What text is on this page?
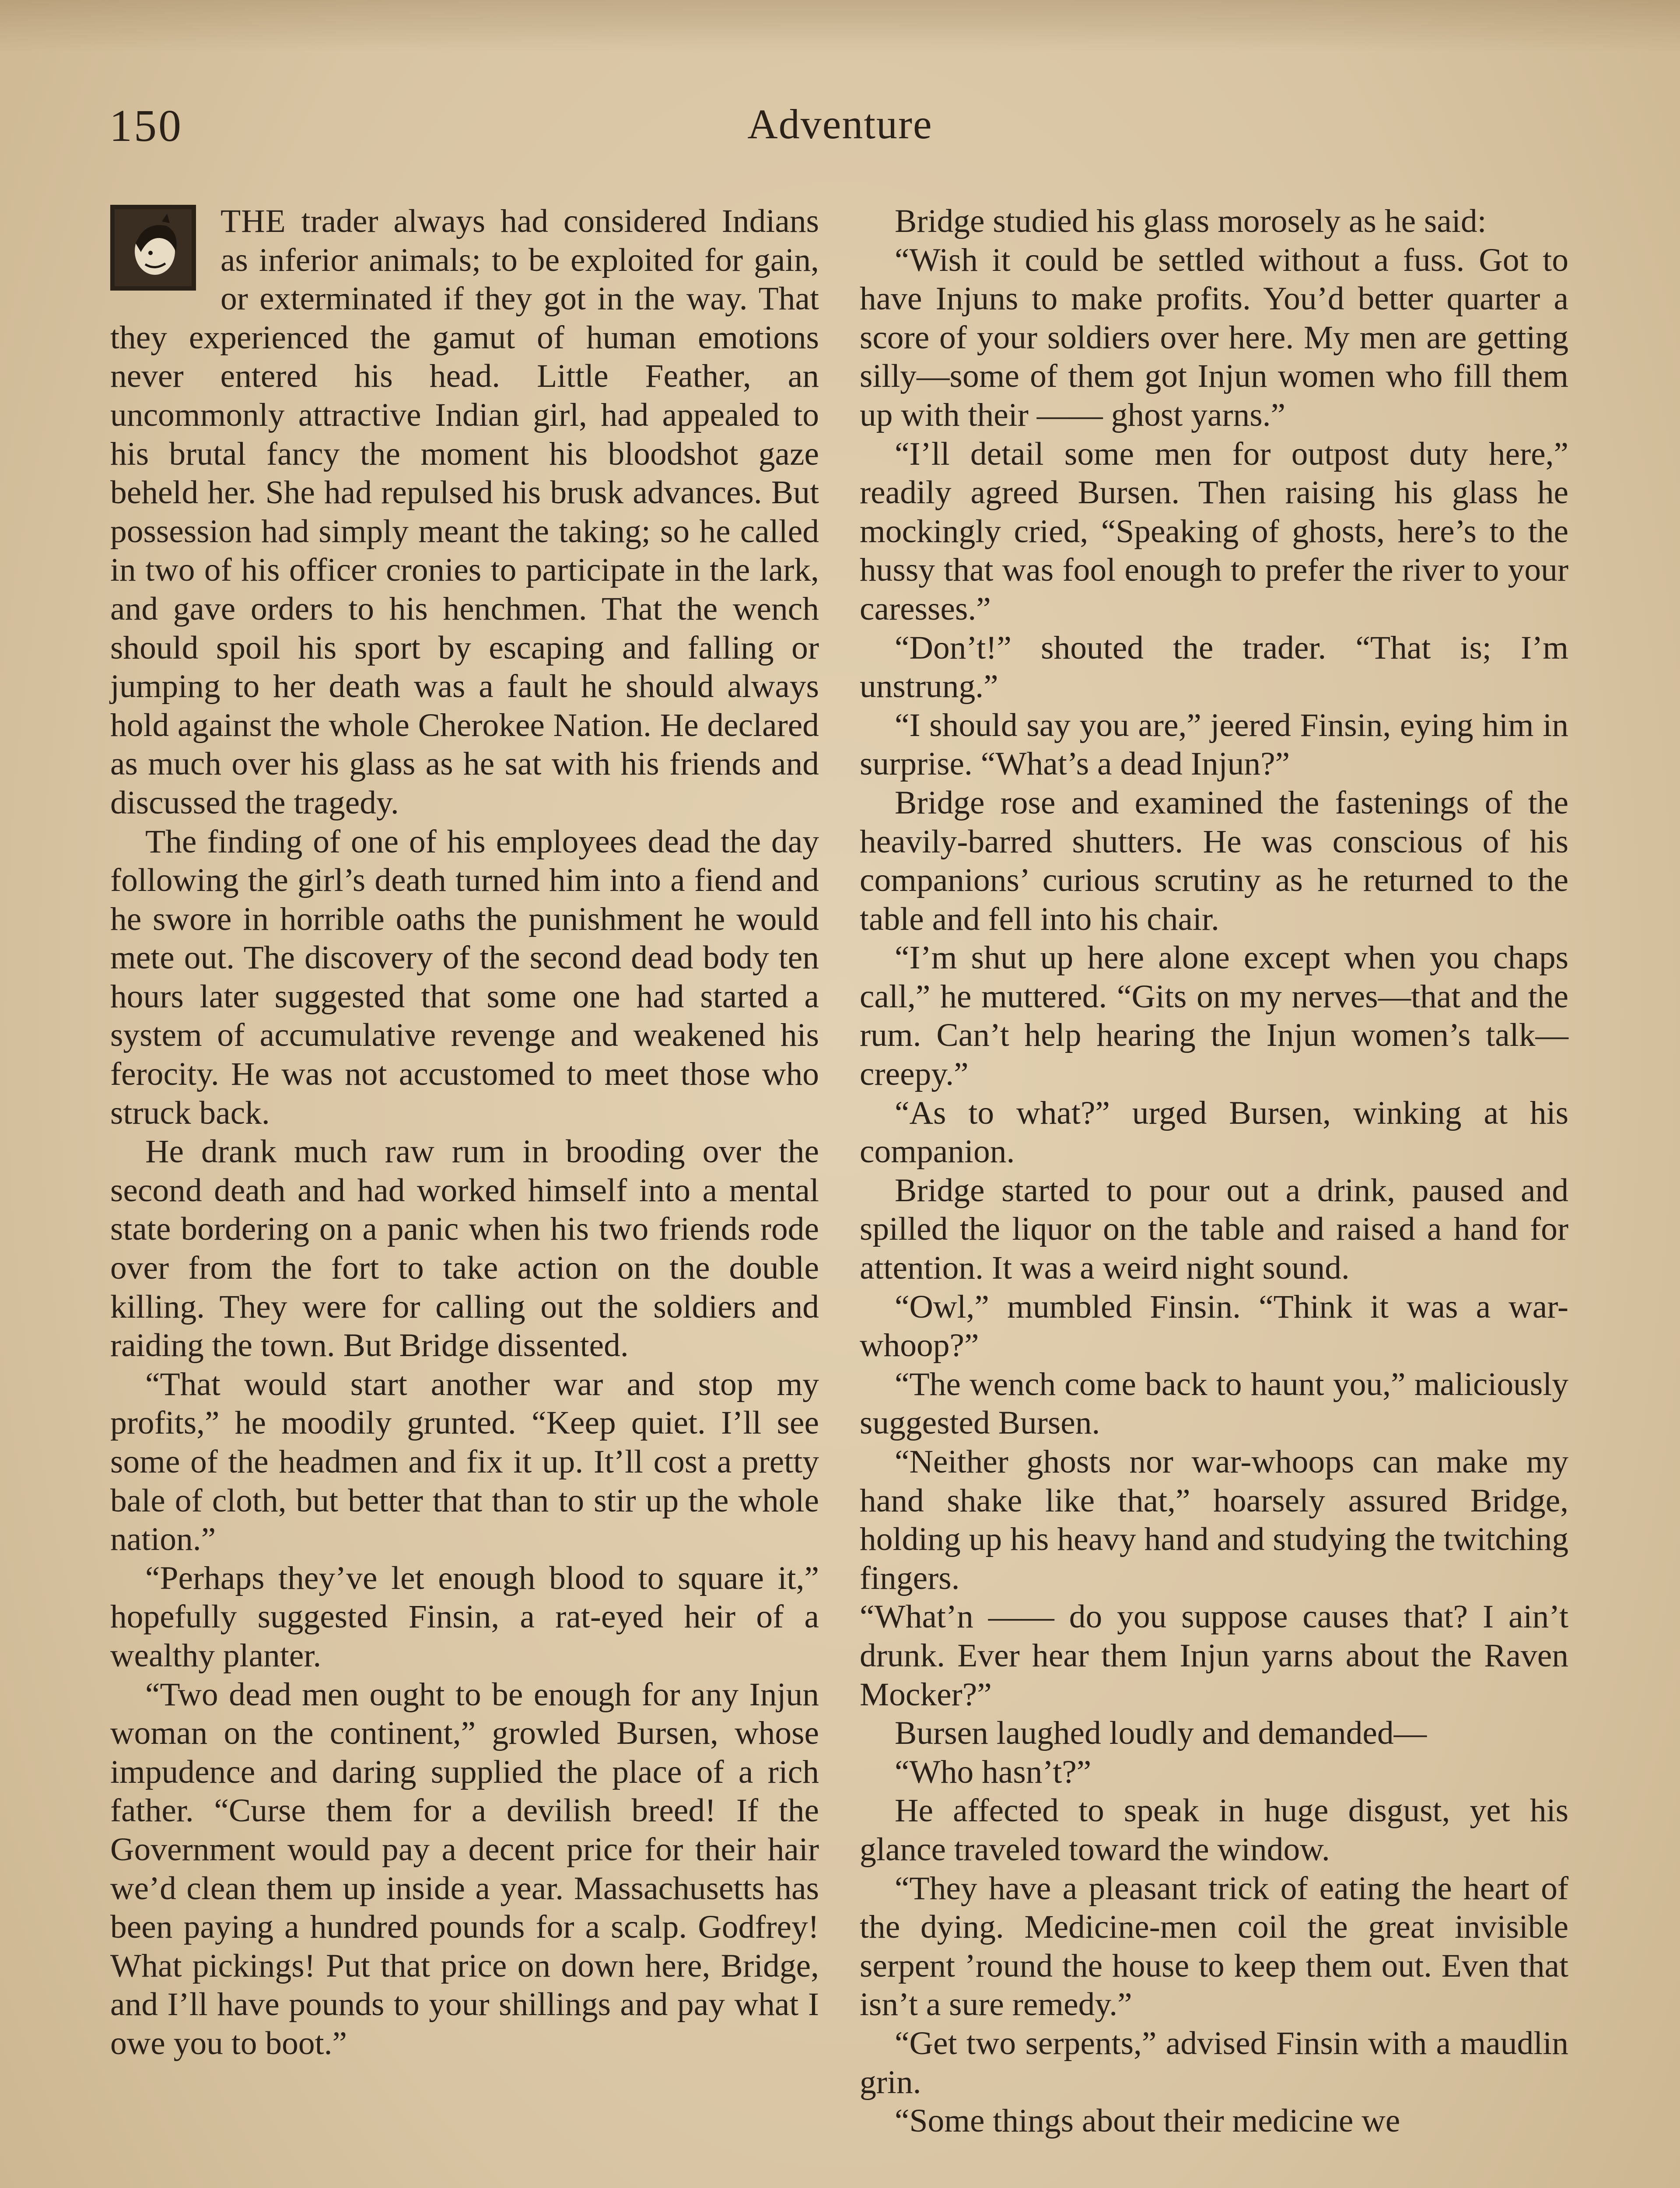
150	Adventure

THE trader always had considered Indians as inferior animals; to be exploited for gain, or exterminated if they got in the way. That they experienced the gamut of human emotions never entered his head. Little Feather, an uncommonly attractive Indian girl, had appealed to his brutal fancy the moment his bloodshot gaze beheld her. She had repulsed his brusk advances. But possession had simply meant the taking; so he called in two of his officer cronies to participate in the lark, and gave orders to his henchmen. That the wench should spoil his sport by escaping and falling or jumping to her death was a fault he should always hold against the whole Cherokee Nation. He declared as much over his glass as he sat with his friends and discussed the tragedy.

The finding of one of his employees dead the day following the girl’s death turned him into a fiend and he swore in horrible oaths the punishment he would mete out. The discovery of the second dead body ten hours later suggested that some one had started a system of accumulative revenge and weakened his ferocity. He was not accustomed to meet those who struck back.

He drank much raw rum in brooding over the second death and had worked himself into a mental state bordering on a panic when his two friends rode over from the fort to take action on the double killing. They were for calling out the soldiers and raiding the town. But Bridge dissented.

“That would start another war and stop my profits,” he moodily grunted. “Keep quiet. I’ll see some of the headmen and fix it up. It’ll cost a pretty bale of cloth, but better that than to stir up the whole nation.”

“Perhaps they’ve let enough blood to square it,” hopefully suggested Finsin, a rat-eyed heir of a wealthy planter.

“Two dead men ought to be enough for any Injun woman on the continent,” growled Bursen, whose impudence and daring supplied the place of a rich father. “Curse them for a devilish breed! If the Government would pay a decent price for their hair we’d clean them up inside a year. Massachusetts has been paying a hundred pounds for a scalp. Godfrey! What pickings! Put that price on down here, Bridge, and I’ll have pounds to your shillings and pay what I owe you to boot.”

Bridge studied his glass morosely as he said:

“Wish it could be settled without a fuss. Got to have Injuns to make profits. You’d better quarter a score of your soldiers over here. My men are getting silly—some of them got Injun women who fill them up with their —— ghost yarns.”

“I’ll detail some men for outpost duty here,” readily agreed Bursen. Then raising his glass he mockingly cried, “Speaking of ghosts, here’s to the hussy that was fool enough to prefer the river to your caresses.”

“Don’t!” shouted the trader. “That is; I’m unstrung.”

“I should say you are,” jeered Finsin, eying him in surprise. “What’s a dead Injun?”

Bridge rose and examined the fastenings of the heavily-barred shutters. He was conscious of his companions’ curious scrutiny as he returned to the table and fell into his chair.

“I’m shut up here alone except when you chaps call,” he muttered. “Gits on my nerves—that and the rum. Can’t help hearing the Injun women’s talk—creepy.”

“As to what?” urged Bursen, winking at his companion.

Bridge started to pour out a drink, paused and spilled the liquor on the table and raised a hand for attention. It was a weird night sound.

“Owl,” mumbled Finsin. “Think it was a war-whoop?”

“The wench come back to haunt you,” maliciously suggested Bursen.

“Neither ghosts nor war-whoops can make my hand shake like that,” hoarsely assured Bridge, holding up his heavy hand and studying the twitching fingers.

“What’n —— do you suppose causes that? I ain’t drunk. Ever hear them Injun yarns about the Raven Mocker?”

Bursen laughed loudly and demanded—

“Who hasn’t?”

He affected to speak in huge disgust, yet his glance traveled toward the window.

“They have a pleasant trick of eating the heart of the dying. Medicine-men coil the great invisible serpent ’round the house to keep them out. Even that isn’t a sure remedy.”

“Get two serpents,” advised Finsin with a maudlin grin.

“Some things about their medicine we
